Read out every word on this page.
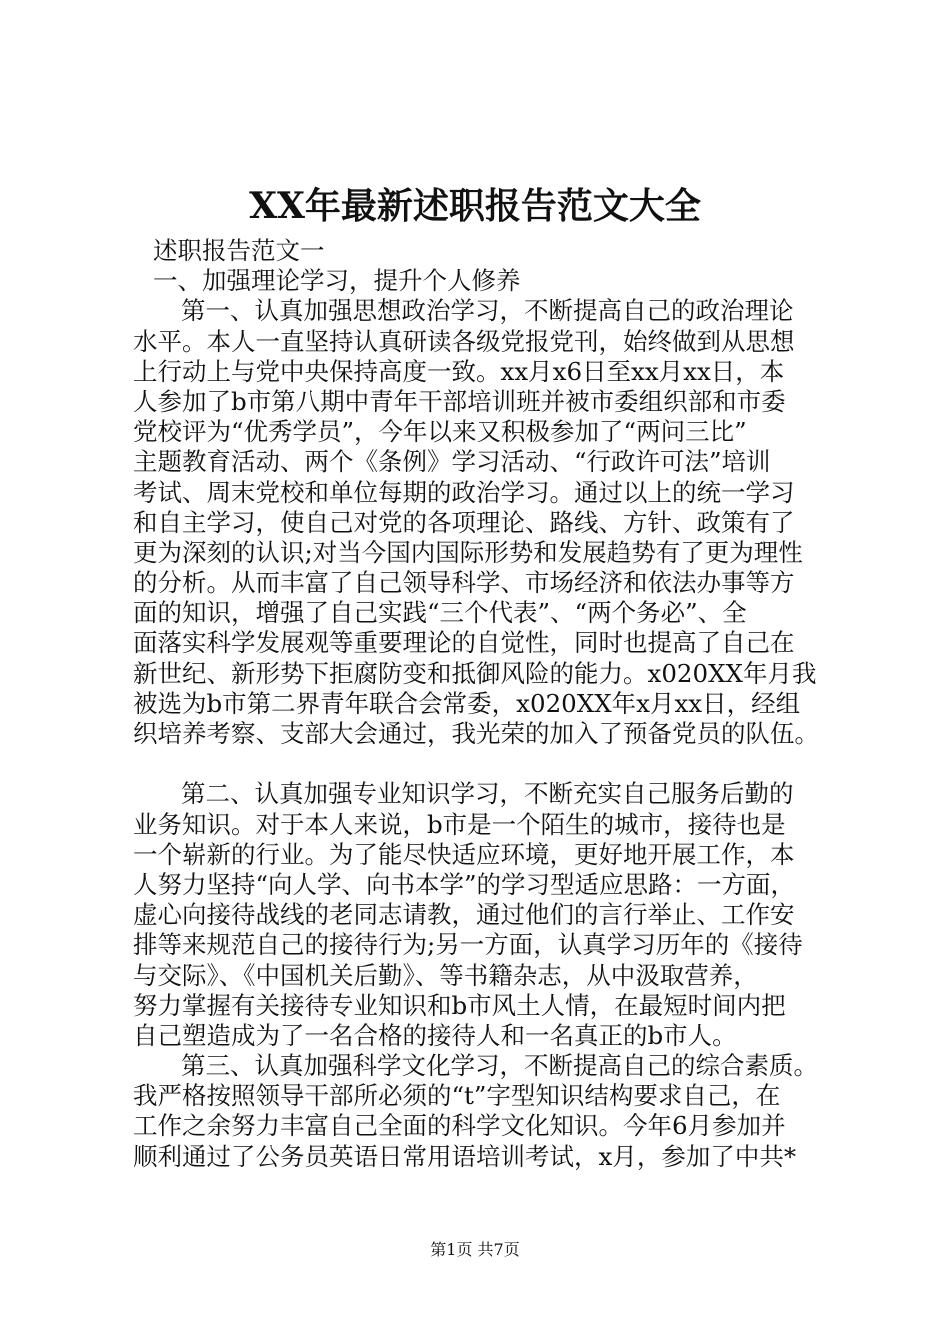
XX年最新述职报告范文大全
述职报告范文一
一、加强理论学习，提升个人修养
第一、认真加强思想政治学习，不断提高自己的政治理论
水平。本人一直坚持认真研读各级党报党刊，始终做到从思想
上行动上与党中央保持高度一致。xx月x6日至xx月xx日，本
人参加了b市第八期中青年干部培训班并被市委组织部和市委
党校评为“优秀学员”，今年以来又积极参加了“两问三比”
主题教育活动、两个《条例》学习活动、“行政许可法”培训
考试、周末党校和单位每期的政治学习。通过以上的统一学习
和自主学习，使自己对党的各项理论、路线、方针、政策有了
更为深刻的认识;对当今国内国际形势和发展趋势有了更为理性
的分析。从而丰富了自己领导科学、市场经济和依法办事等方
面的知识，增强了自己实践“三个代表”、“两个务必”、全
面落实科学发展观等重要理论的自觉性，同时也提高了自己在
新世纪、新形势下拒腐防变和抵御风险的能力。x020XX年月我
被选为b市第二界青年联合会常委，x020XX年x月xx日，经组
织培养考察、支部大会通过，我光荣的加入了预备党员的队伍。
第二、认真加强专业知识学习，不断充实自己服务后勤的
业务知识。对于本人来说，b市是一个陌生的城市，接待也是
一个崭新的行业。为了能尽快适应环境，更好地开展工作，本
人努力坚持“向人学、向书本学”的学习型适应思路：一方面，
虚心向接待战线的老同志请教，通过他们的言行举止、工作安
排等来规范自己的接待行为;另一方面，认真学习历年的《接待
与交际》、《中国机关后勤》、等书籍杂志，从中汲取营养，
努力掌握有关接待专业知识和b市风土人情，在最短时间内把
自己塑造成为了一名合格的接待人和一名真正的b市人。
第三、认真加强科学文化学习，不断提高自己的综合素质。
我严格按照领导干部所必须的“t”字型知识结构要求自己，在
工作之余努力丰富自己全面的科学文化知识。今年6月参加并
顺利通过了公务员英语日常用语培训考试，x月，参加了中共*
第1页 共7页
